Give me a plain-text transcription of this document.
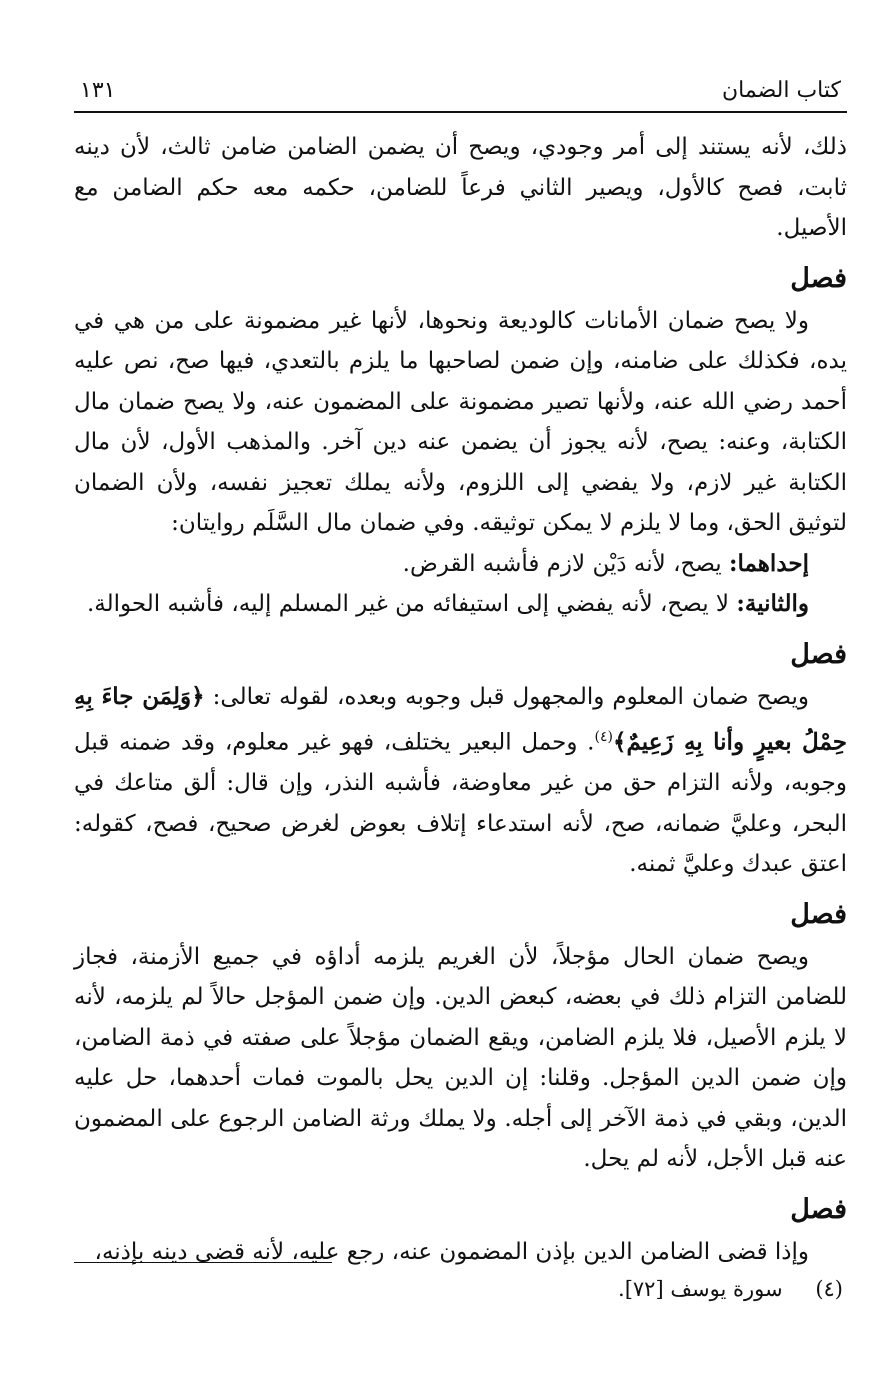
كتاب الضمان
١٣١

ذلك، لأنه يستند إلى أمر وجودي، ويصح أن يضمن الضامن ضامن ثالث، لأن دينه ثابت، فصح كالأول، ويصير الثاني فرعاً للضامن، حكمه معه حكم الضامن مع الأصيل.

فصل

ولا يصح ضمان الأمانات كالوديعة ونحوها، لأنها غير مضمونة على من هي في يده، فكذلك على ضامنه، وإن ضمن لصاحبها ما يلزم بالتعدي، فيها صح، نص عليه أحمد رضي الله عنه، ولأنها تصير مضمونة على المضمون عنه، ولا يصح ضمان مال الكتابة، وعنه: يصح، لأنه يجوز أن يضمن عنه دين آخر. والمذهب الأول، لأن مال الكتابة غير لازم، ولا يفضي إلى اللزوم، ولأنه يملك تعجيز نفسه، ولأن الضمان لتوثيق الحق، وما لا يلزم لا يمكن توثيقه. وفي ضمان مال السَّلَم روايتان:

إحداهما: يصح، لأنه دَيْن لازم فأشبه القرض.

والثانية: لا يصح، لأنه يفضي إلى استيفائه من غير المسلم إليه، فأشبه الحوالة.

فصل

ويصح ضمان المعلوم والمجهول قبل وجوبه وبعده، لقوله تعالى: ﴿وَلِمَن جاءَ بِهِ حِمْلُ بعيرٍ وأنا بِهِ زَعِيمٌ﴾$^{(٤)}$. وحمل البعير يختلف، فهو غير معلوم، وقد ضمنه قبل وجوبه، ولأنه التزام حق من غير معاوضة، فأشبه النذر، وإن قال: ألق متاعك في البحر، وعليَّ ضمانه، صح، لأنه استدعاء إتلاف بعوض لغرض صحيح، فصح، كقوله: اعتق عبدك وعليَّ ثمنه.

فصل

ويصح ضمان الحال مؤجلاً، لأن الغريم يلزمه أداؤه في جميع الأزمنة، فجاز للضامن التزام ذلك في بعضه، كبعض الدين. وإن ضمن المؤجل حالاً لم يلزمه، لأنه لا يلزم الأصيل، فلا يلزم الضامن، ويقع الضمان مؤجلاً على صفته في ذمة الضامن، وإن ضمن الدين المؤجل. وقلنا: إن الدين يحل بالموت فمات أحدهما، حل عليه الدين، وبقي في ذمة الآخر إلى أجله. ولا يملك ورثة الضامن الرجوع على المضمون عنه قبل الأجل، لأنه لم يحل.

فصل

وإذا قضى الضامن الدين بإذن المضمون عنه، رجع عليه، لأنه قضى دينه بإذنه،

(٤) سورة يوسف [٧٢].
